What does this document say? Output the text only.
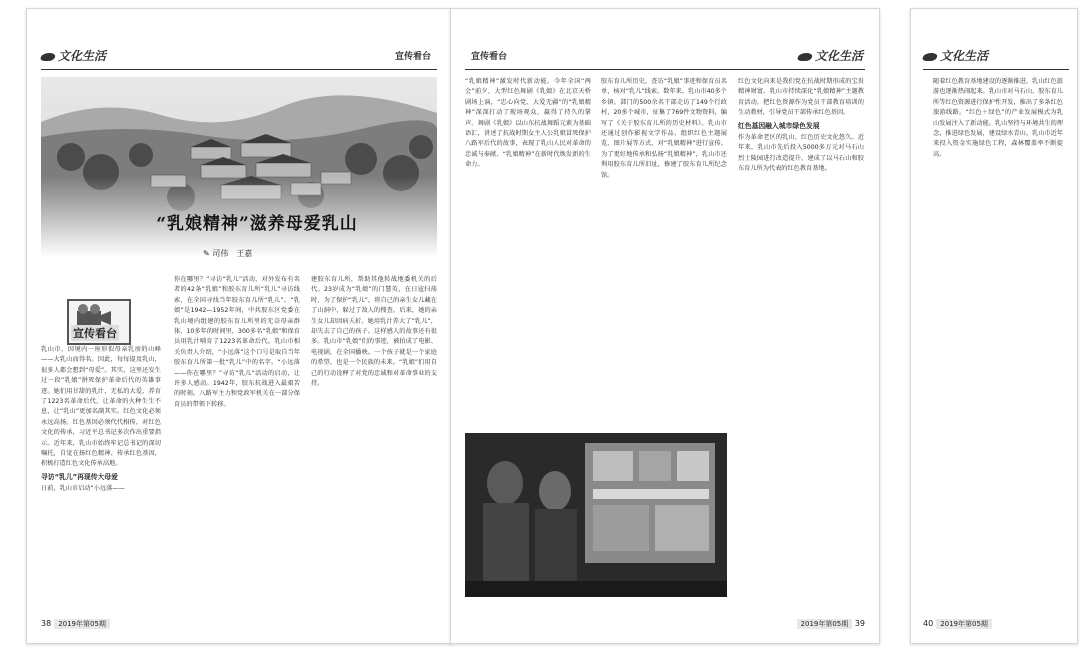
文化生活	宣传看台
“乳娘精神”滋养母爱乳山
✎ 司伟　王嘉
宣传看台
乳山市，因境内一座形似母亲乳房的山峰——大乳山而得名。因此，每每提及乳山，很多人都会想到“母爱”。其实，这里还发生过一段“乳娘”拼死保护革命后代的英雄事迹。她们用甘甜的乳汁，无私的大爱，养育了1223名革命后代，让革命的火种生生不息，让“乳山”更加名副其实。红色文化必须永远高扬。红色基因必须代代相传，对红色文化的传承，习近平总书记多次作出重要指示。近年来，乳山市始终牢记总书记的深切嘱托，自觉在扬红色精神、传承红色基因，积极打造红色文化传承高地。
寻访“乳儿”再现传大母爱
日前，乳山市启动“小远落——
你在哪里？”寻访“乳儿”活动，对外发布有名者的42条“乳娘”和胶东育儿所“乳儿”寻访线索，在全国寻找当年胶东育儿所“乳儿”。“乳娘”是1942—1952年间，中共胶东区党委在乳山境内组建的胶东育儿所里的无奈母亲群体，10多年的时间里，300多名“乳娘”和保育员用乳汁哺育了1223名革命后代。乳山市相关负责人介绍，“小远落”这个口号是取自当年胶东育儿所第一批“乳儿”中的名字。“小远落——你在哪里？”寻访“乳儿”活动的启动，让许多人感动。1942年，胶东抗战进入最艰苦的时刻。八路军主力和党政军机关在一部分保育员的带领下转移。
建胶东育儿所，帮助其他转战地委机关的后代。23岁成为“乳娘”的门慧英，在日寇扫荡时，为了保护“乳儿”，将自己的亲生女儿藏在了山洞中，躲过了敌人的搜查。后来，她的亲生女儿却因病夭折。她用乳汁养大了“乳儿”，却失去了自己的孩子。这样感人的故事还有很多。乳山市“乳娘”们的事迹，被拍成了电影、电视剧，在全国播映。一个孩子就是一个家庭的希望，也是一个民族的未来。“乳娘”们用自己的行动诠释了对党的忠诚和对革命事业的支持。
38 2019年第05期
宣传看台	文化生活
“乳娘精神”激发时代新动能。今年全国“两会”前夕，大型红色舞剧《乳娘》在北京天桥剧场上演，“忠心向党、大爱无疆”的“乳娘精神”深深打动了现场观众，赢得了持久的掌声。舞剧《乳娘》以山东抗战舞蹈元素为基础语汇，讲述了抗战时期女主人公乳娘冒死保护八路军后代的故事，表现了乳山人民对革命的忠诚与奉献。“乳娘精神”在新时代焕发新的生命力。
胶东育儿所历史，查访“乳娘”事迹和保育员名单，核对“乳儿”线索。数年来，乳山市40多个乡镇、部门的500余名干部走访了149个行政村，20多个城市，征集了769件文物资料，编写了《关于胶东育儿所的历史材料》。乳山市还通过创作影视文学作品、组织红色主题展览、图片展等方式，对“乳娘精神”进行宣传。为了更好地传承和弘扬“乳娘精神”，乳山市还利用胶东育儿所旧址，修建了胶东育儿所纪念馆。
红色文化向来是我们党在抗战时期形成的宝贵精神财富。乳山市持续深化“乳娘精神”主题教育活动，把红色资源作为党员干部教育培训的生动教材，引导党员干部传承红色基因。
红色基因融入城市绿色发展
作为革命老区的乳山，红色历史文化悠久。近年来，乳山市先后投入5000多万元对马石山烈士陵园进行改造提升，建成了以马石山和胶东育儿所为代表的红色教育基地。
2019年第05期 39
文化生活
随着红色教育基地建设的逐渐推进，乳山红色旅游也逐渐热闹起来。乳山市对马石山、胶东育儿所等红色资源进行保护性开发，推出了多条红色旅游线路。“红色＋绿色”的产业发展模式为乳山发展注入了新动能。乳山坚持与环境共生的理念，推进绿色发展，建设绿水青山。乳山市近年来投入资金实施绿色工程，森林覆盖率不断提高。
40 2019年第05期
